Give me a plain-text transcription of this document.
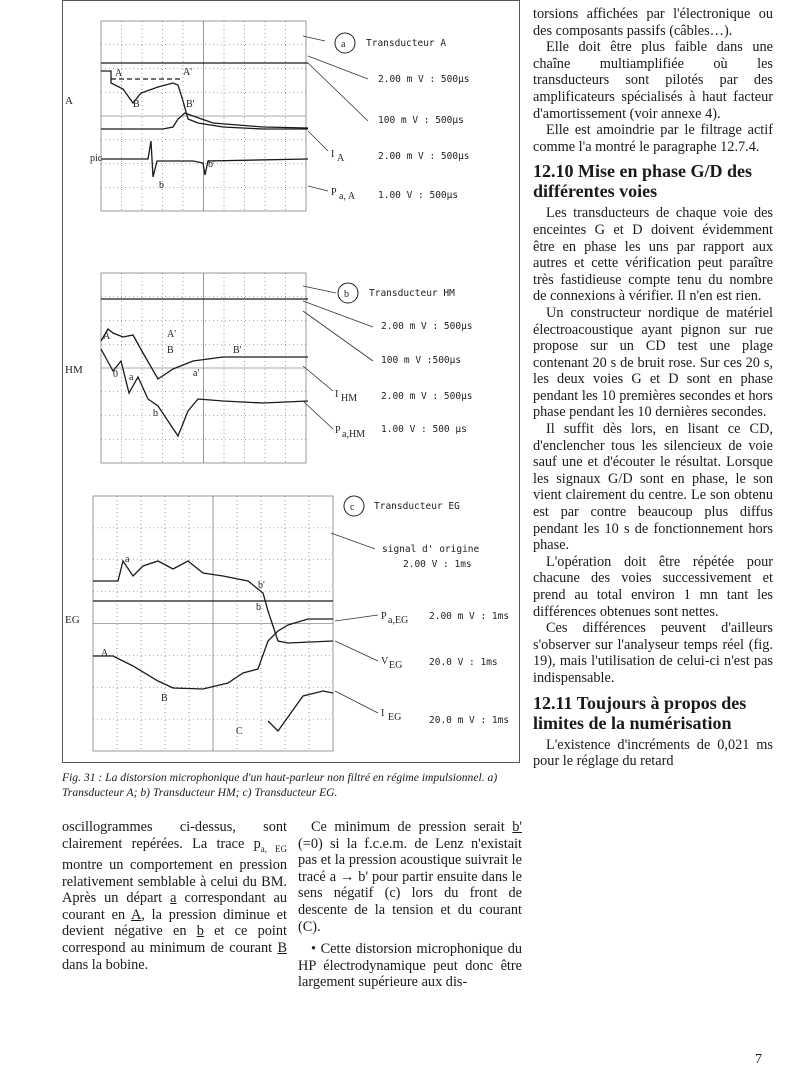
a Transducteur A
A
2.00 m V : 500μs
100 m V : 500μs
2.00 m V : 500μs
1.00 V : 500μs
I A
P a, A
A	A'
B	B'
pic
b
b'
b Transducteur HM
HM
2.00 m V : 500μs
100 m V :500μs
2.00 m V : 500μs
1.00 V : 500 μs
I HM
P a,HM
A	A'
B	B'
0 a
b
a'
c Transducteur EG
EG
signal d' origine
2.00 V : 1ms
2.00 m V : 1ms
20.0 V : 1ms
20.0 m V : 1ms
P a,EG
V EG
I EG
a
b'
b
A
B
C
Fig. 31 : La distorsion microphonique d'un haut-parleur non filtré en régime impulsionnel. a) Transducteur A; b) Transducteur HM; c) Transducteur EG.

oscillogrammes ci-dessus, sont clairement repérées. La trace $p_{a, EG}$ montre un comportement en pression relativement semblable à celui du BM. Après un départ a correspondant au courant en A, la pression diminue et devient négative en b et ce point correspond au minimum de courant B dans la bobine.

Ce minimum de pression serait b' (=0) si la f.c.e.m. de Lenz n'existait pas et la pression acoustique suivrait le tracé a → b' pour partir ensuite dans le sens négatif (c) lors du front de descente de la tension et du courant (C).

• Cette distorsion microphonique du HP électrodynamique peut donc être largement supérieure aux dis-

torsions affichées par l'électronique ou des composants passifs (câbles…).

Elle doit être plus faible dans une chaîne multiamplifiée où les transducteurs sont pilotés par des amplificateurs spécialisés à haut facteur d'amortissement (voir annexe 4).

Elle est amoindrie par le filtrage actif comme l'a montré le paragraphe 12.7.4.

12.10 Mise en phase G/D des différentes voies

Les transducteurs de chaque voie des enceintes G et D doivent évidemment être en phase les uns par rapport aux autres et cette vérification peut paraître très fastidieuse compte tenu du nombre de connexions à vérifier. Il n'en est rien.

Un constructeur nordique de matériel électroacoustique ayant pignon sur rue propose sur un CD test une plage contenant 20 s de bruit rose. Sur ces 20 s, les deux voies G et D sont en phase pendant les 10 premières secondes et hors phase pendant les 10 dernières secondes.

Il suffit dès lors, en lisant ce CD, d'enclencher tous les silencieux de voie sauf une et d'écouter le résultat. Lorsque les signaux G/D sont en phase, le son vient clairement du centre. Le son obtenu est par contre beaucoup plus diffus pendant les 10 s de fonctionnement hors phase.

L'opération doit être répétée pour chacune des voies successivement et prend au total environ 1 mn tant les différences obtenues sont nettes.

Ces différences peuvent d'ailleurs s'observer sur l'analyseur temps réel (fig. 19), mais l'utilisation de celui-ci n'est pas indispensable.

12.11 Toujours à propos des limites de la numérisation

L'existence d'incréments de 0,021 ms pour le réglage du retard

7
